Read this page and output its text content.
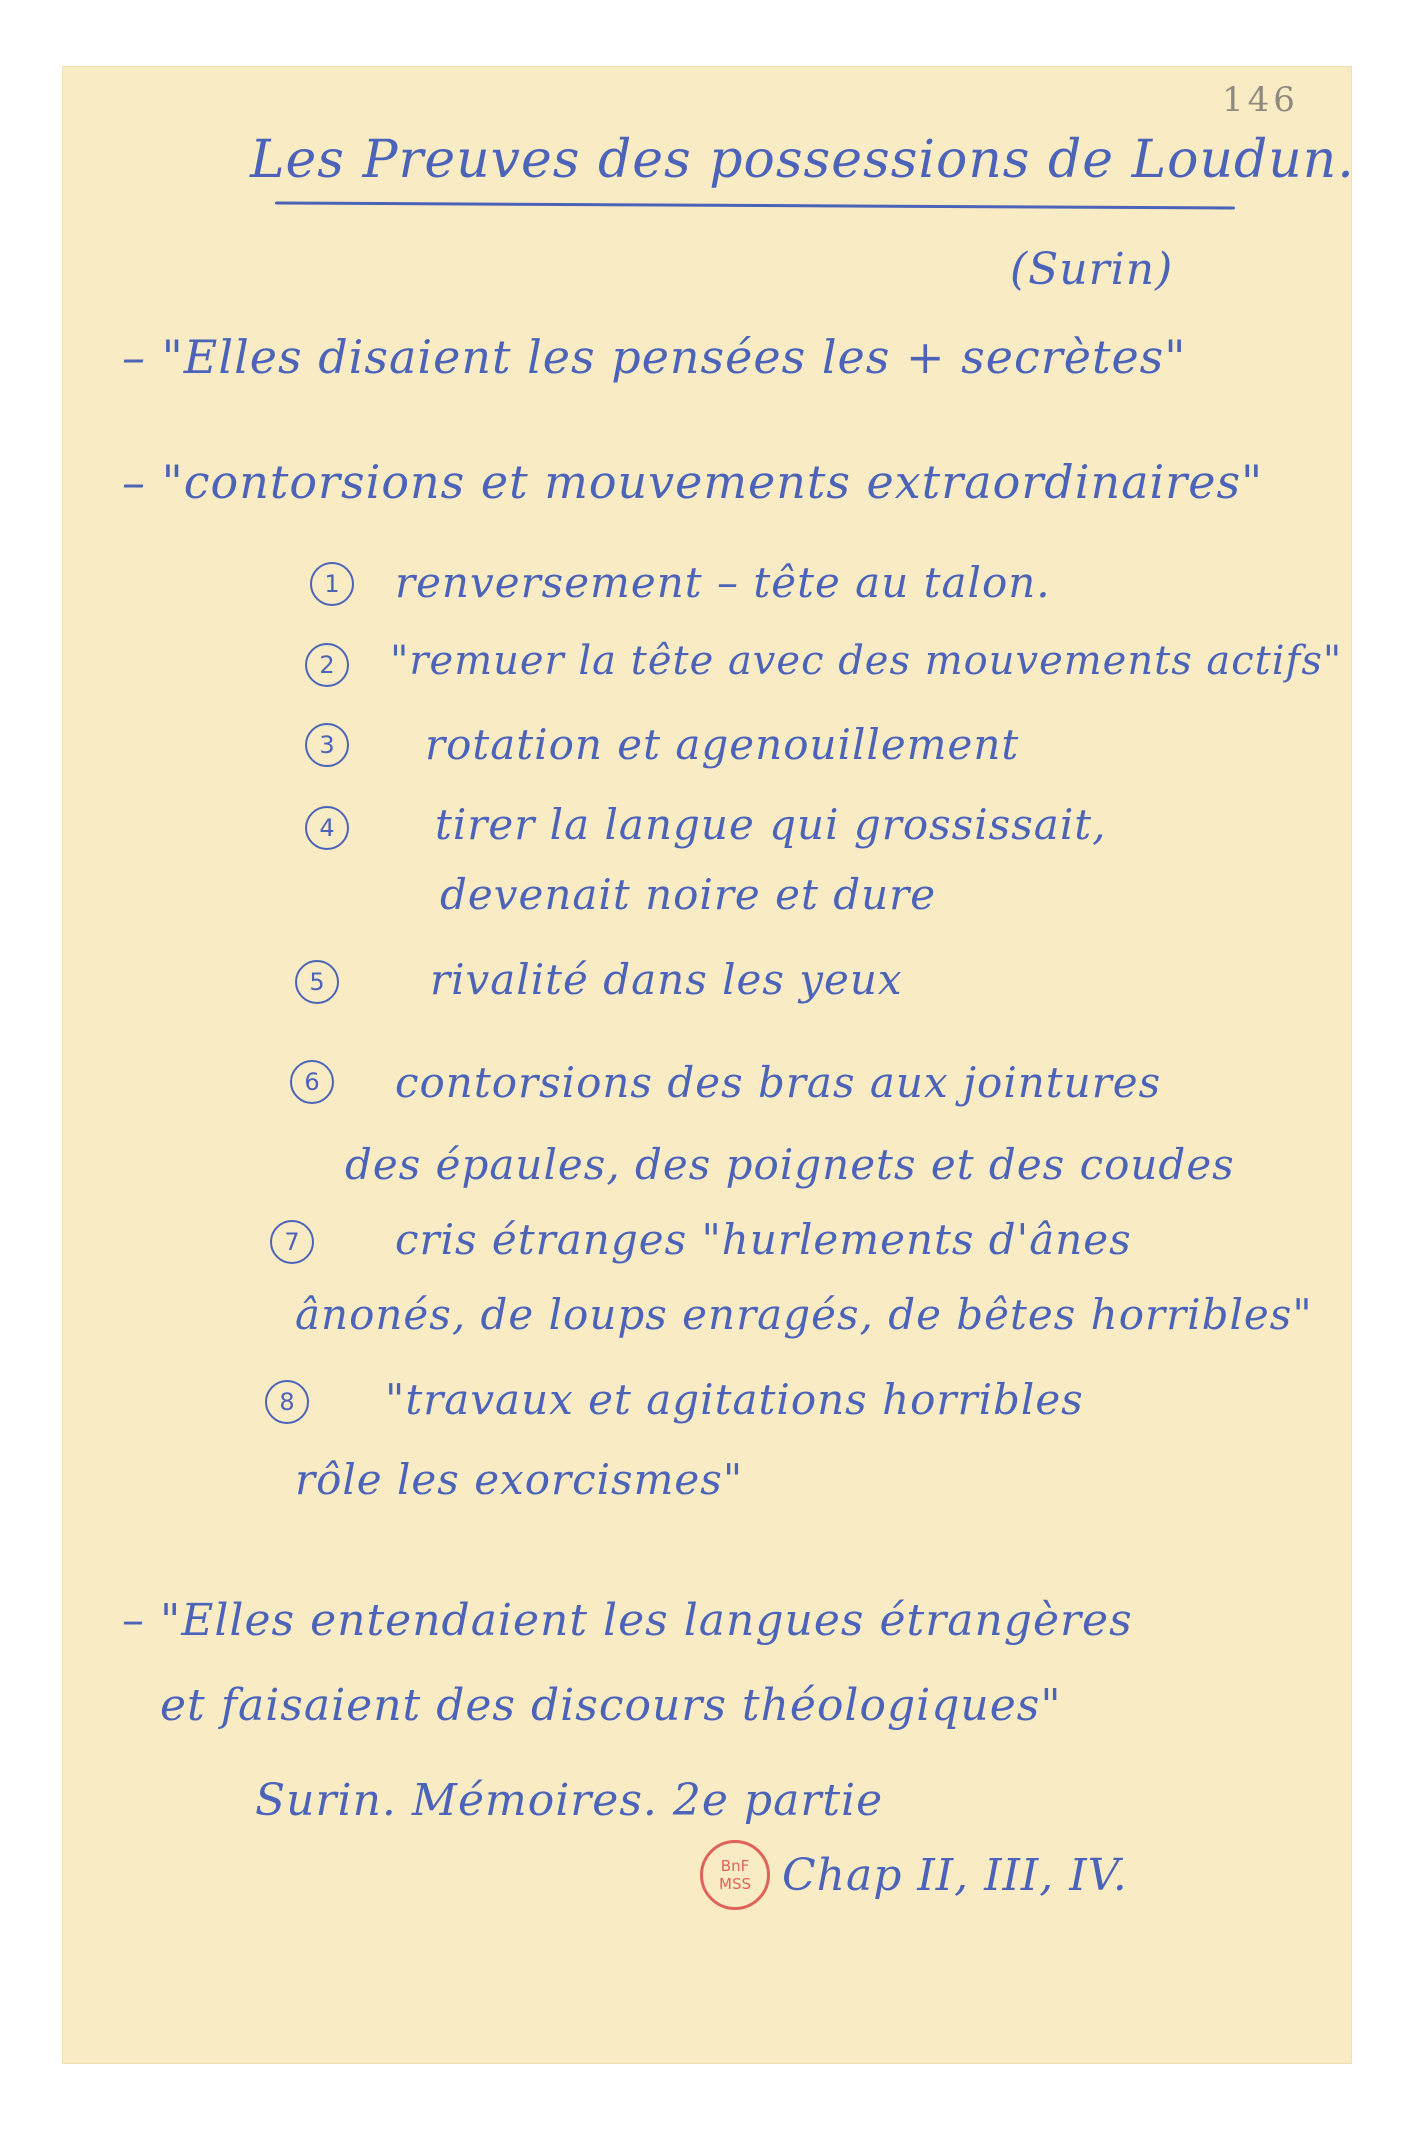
146
Les Preuves des possessions de Loudun.
(Surin)
– "Elles disaient les pensées les + secrètes"
– "contorsions et mouvements extraordinaires"
1	renversement – tête au talon.
2	"remuer la tête avec des mouvements actifs"
3	rotation et agenouillement
4	tirer la langue qui grossissait,
devenait noire et dure
5	rivalité dans les yeux
6	contorsions des bras aux jointures
des épaules, des poignets et des coudes
7	cris étranges "hurlements d'ânes
ânonés, de loups enragés, de bêtes horribles"
8	"travaux et agitations horribles
rôle les exorcismes"
– "Elles entendaient les langues étrangères
et faisaient des discours théologiques"
Surin. Mémoires. 2e partie
BnF
MSS Chap II, III, IV.
